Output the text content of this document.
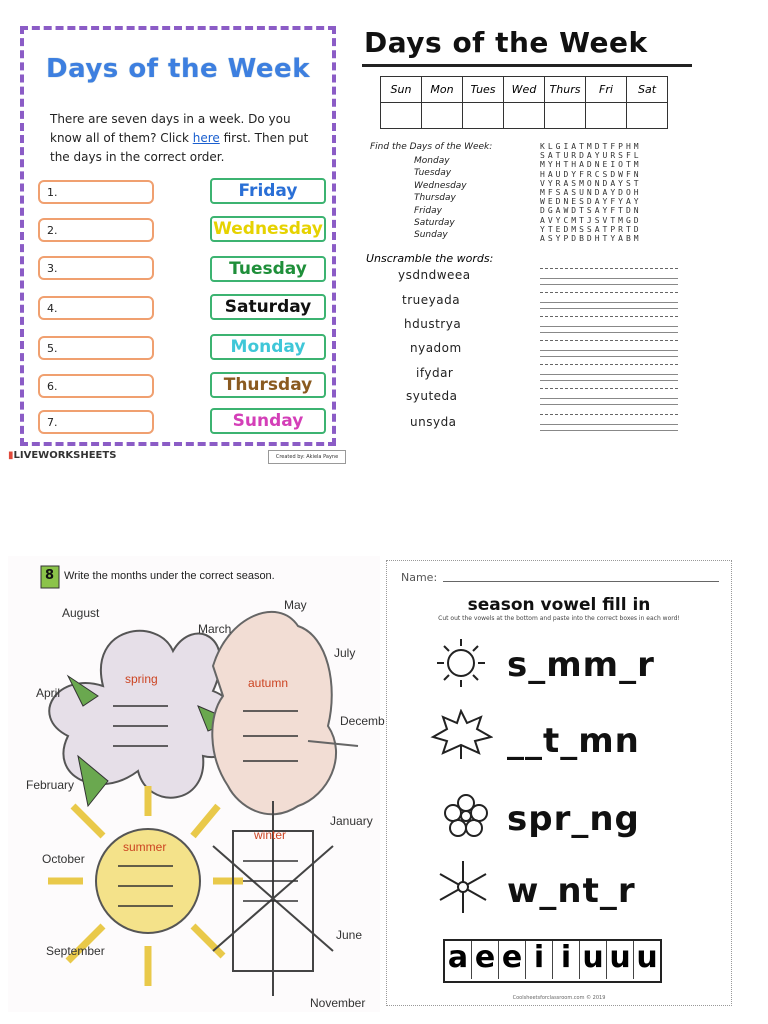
Days of the Week
There are seven days in a week. Do you know all of them? Click here first. Then put the days in the correct order.
1.
2.
3.
4.
5.
6.
7.
Friday
Wednesday
Tuesday
Saturday
Monday
Thursday
Sunday
▮LIVEWORKSHEETS	Created by: Akiela Payne
Days of the Week
Sun	Mon	Tues	Wed	Thurs	Fri	Sat

Find the Days of the Week:
Monday
Tuesday
Wednesday
Thursday
Friday
Saturday
Sunday
KLGIATMDTFPHM
SATURDAYURSFL
MYHTHADNEIOTM
HAUDYFRCSDWFN
VYRASMONDAYST
MFSASUNDAYDOH
WEDNESDAYFYAY
DGAWDTSAYFTDN
AVYCMTJSVTMGD
YTEDMSSATPRTD
ASYPDBDHTYABM
Unscramble the words:
ysdndweea
trueyada
hdustrya
nyadom
ifydar
syuteda
unsyda
8 Write the months under the correct season.
spring	autumn
summer
winter
August
May
March
July
April
Decemb
February
January
October
June
September
November
Name:
season vowel fill in
Cut out the vowels at the bottom and paste into the correct boxes in each word!
s_mm_r
__t_mn
spr_ng
w_nt_r
a e e i i u u u
Coolsheetsforclassroom.com © 2019
